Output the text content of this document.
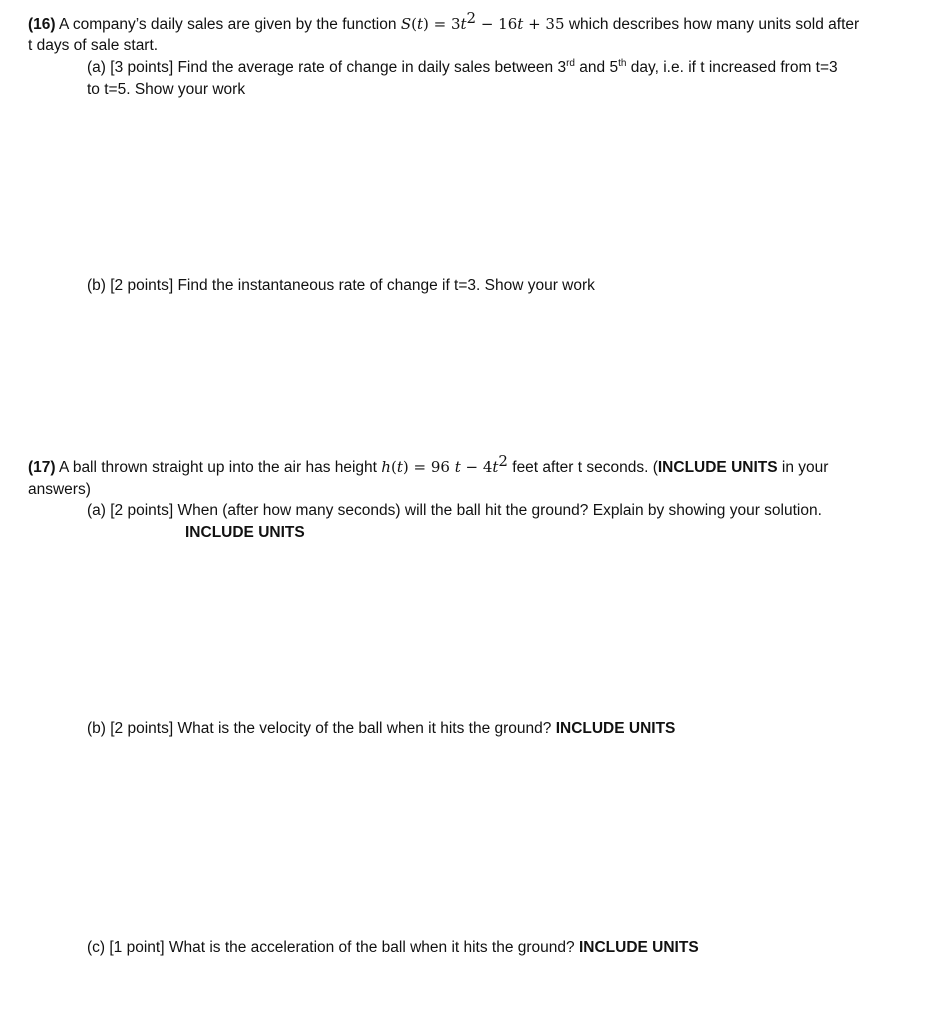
(16) A company’s daily sales are given by the function $S(t) = 3t^2 - 16t + 35$ which describes how many units sold after
t days of sale start.
(a) [3 points] Find the average rate of change in daily sales between 3rd and 5th day, i.e. if t increased from t=3
to t=5. Show your work
(b) [2 points] Find the instantaneous rate of change if t=3. Show your work
(17) A ball thrown straight up into the air has height h(t) = 96 $t - 4t^2$ feet after t seconds. (INCLUDE UNITS in your
answers)
(a) [2 points] When (after how many seconds) will the ball hit the ground? Explain by showing your solution.
INCLUDE UNITS
(b) [2 points] What is the velocity of the ball when it hits the ground? INCLUDE UNITS
(c) [1 point] What is the acceleration of the ball when it hits the ground? INCLUDE UNITS
